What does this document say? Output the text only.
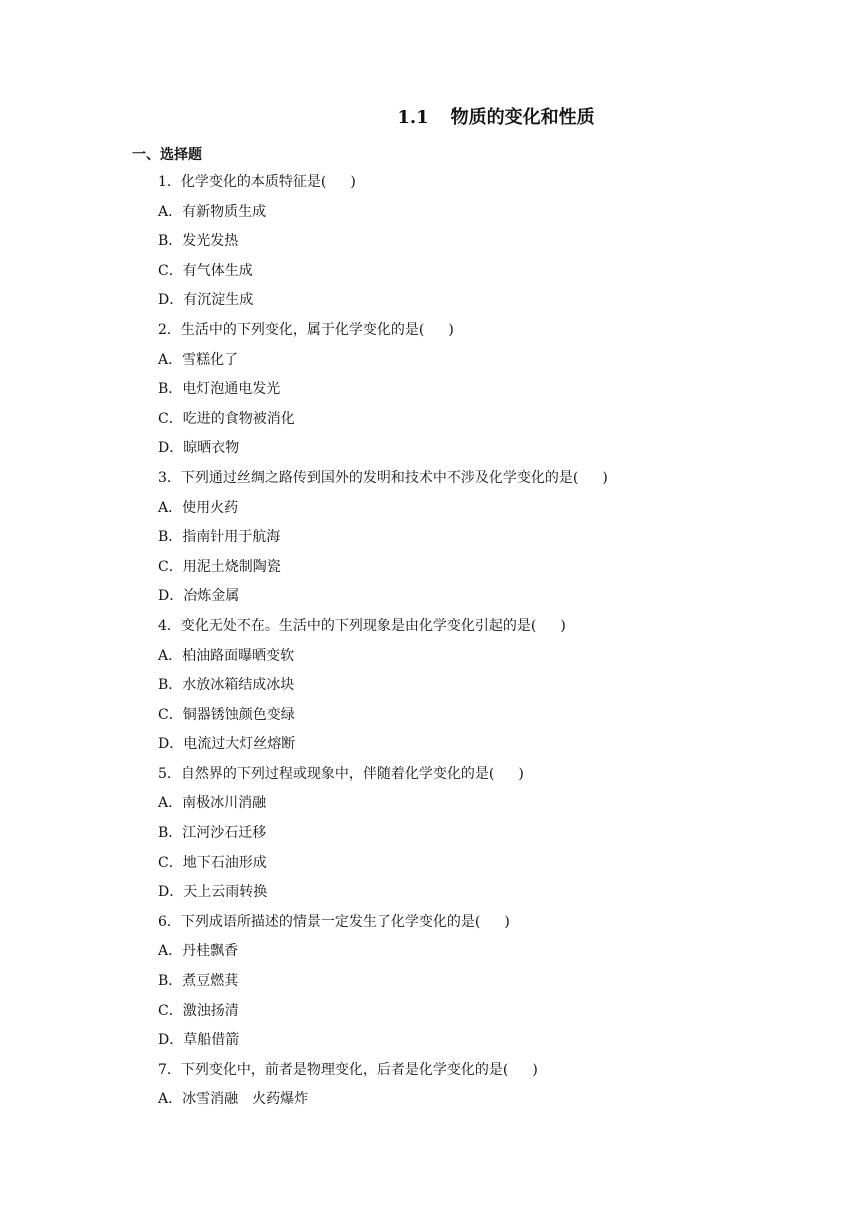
1.1 物质的变化和性质
一、选择题
1．化学变化的本质特征是( )
A．有新物质生成
B．发光发热
C．有气体生成
D．有沉淀生成
2．生活中的下列变化，属于化学变化的是( )
A．雪糕化了
B．电灯泡通电发光
C．吃进的食物被消化
D．晾晒衣物
3．下列通过丝绸之路传到国外的发明和技术中不涉及化学变化的是( )
A．使用火药
B．指南针用于航海
C．用泥土烧制陶瓷
D．冶炼金属
4．变化无处不在。生活中的下列现象是由化学变化引起的是( )
A．柏油路面曝晒变软
B．水放冰箱结成冰块
C．铜器锈蚀颜色变绿
D．电流过大灯丝熔断
5．自然界的下列过程或现象中，伴随着化学变化的是( )
A．南极冰川消融
B．江河沙石迁移
C．地下石油形成
D．天上云雨转换
6．下列成语所描述的情景一定发生了化学变化的是( )
A．丹桂飘香
B．煮豆燃萁
C．激浊扬清
D．草船借箭
7．下列变化中，前者是物理变化，后者是化学变化的是( )
A．冰雪消融　火药爆炸
